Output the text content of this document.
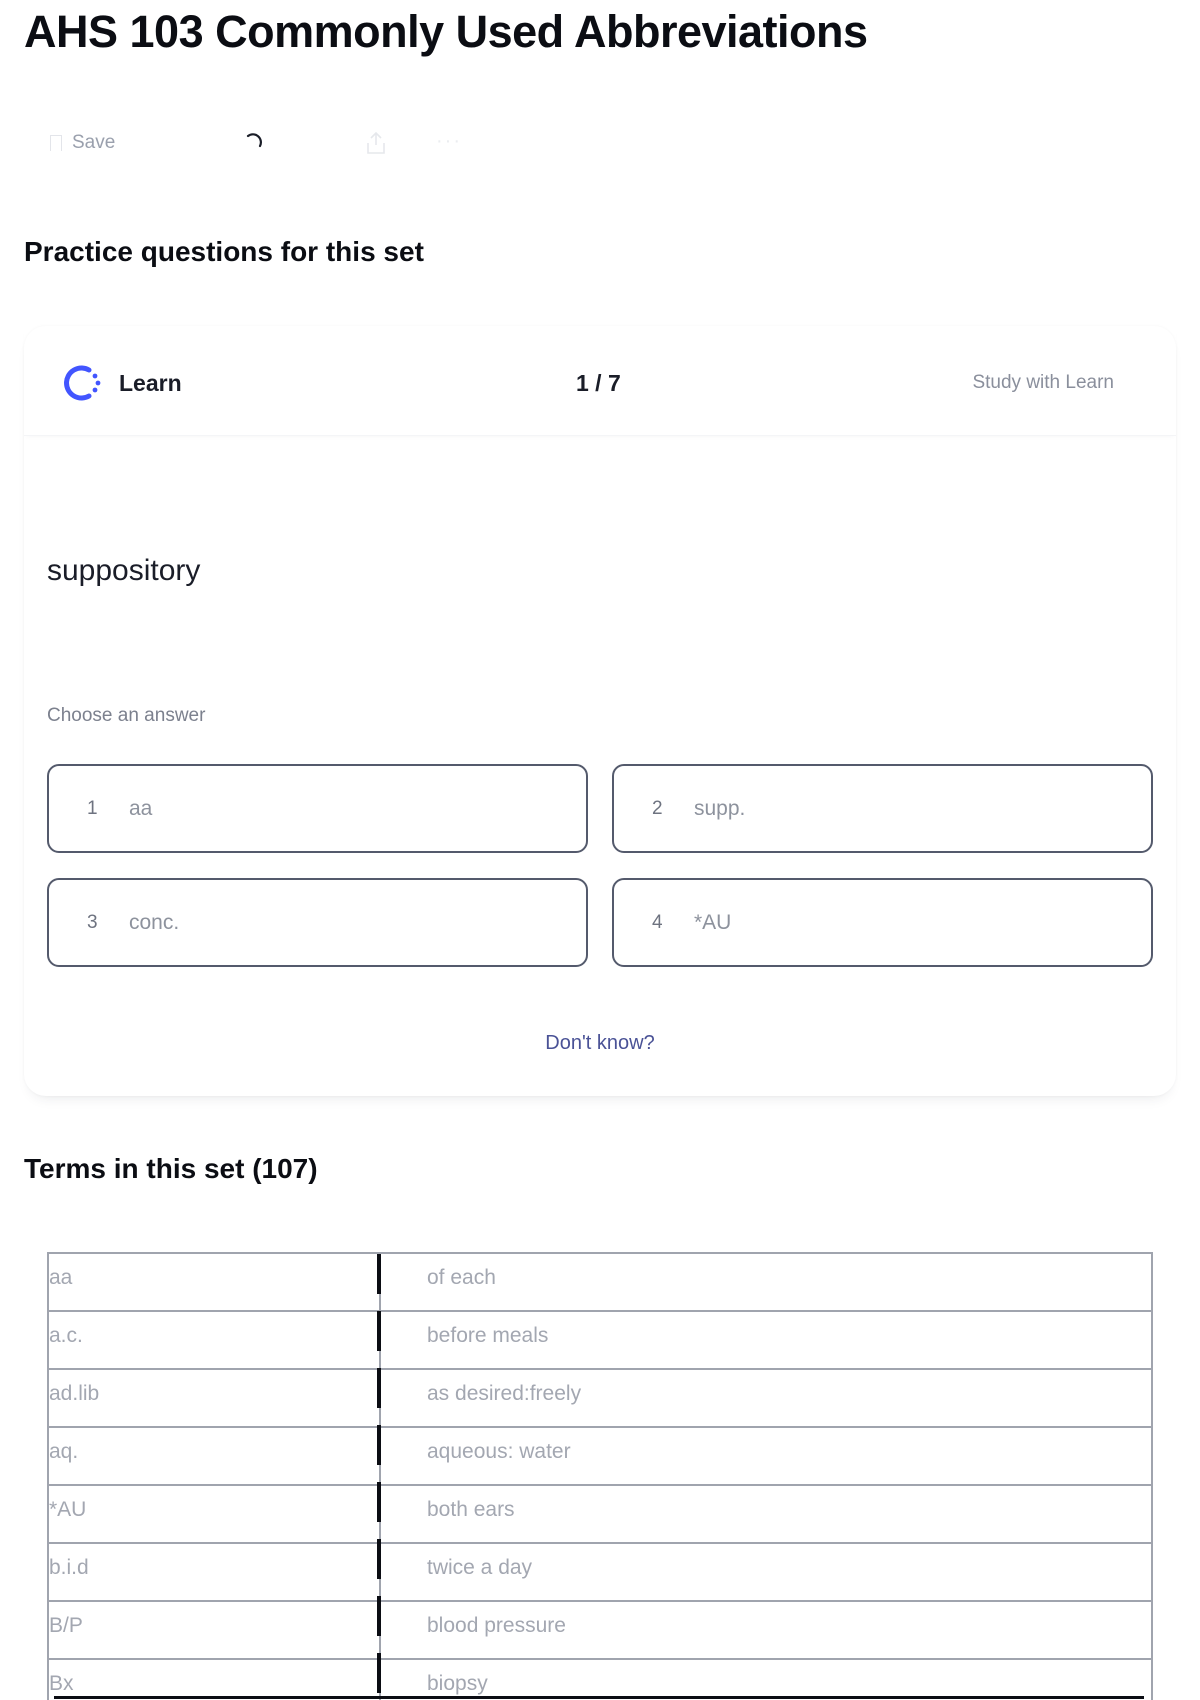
AHS 103 Commonly Used Abbreviations
Save	···
Practice questions for this set
Learn	1 / 7	Study with Learn
suppository
Choose an answer
1	aa	2	supp.
3	conc.	4	*AU
Don't know?
Terms in this set (107)
aa	of each
a.c.	before meals
ad.lib	as desired:freely
aq.	aqueous: water
*AU	both ears
b.i.d	twice a day
B/P	blood pressure
Bx	biopsy
